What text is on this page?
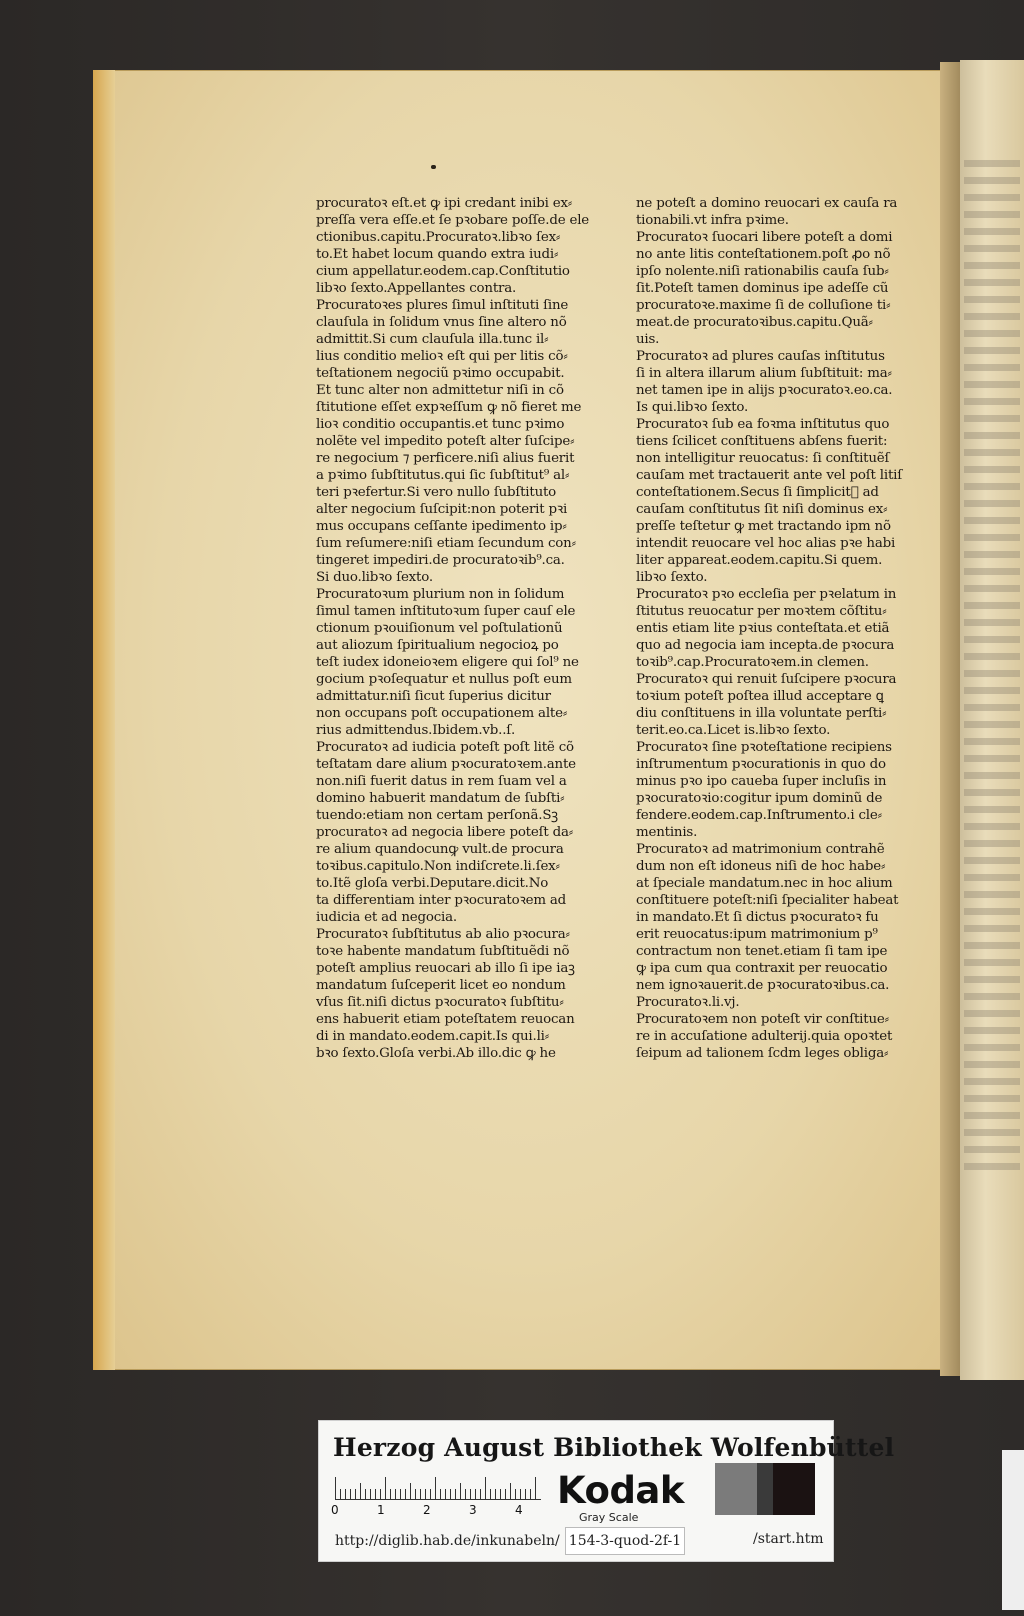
procuratoꝛ eſt.et ꝙ ipi credant inibi ex⸗
preſſa vera eſſe.et ſe pꝛobare poſſe.de ele
ctionibus.capitu.Procuratoꝛ.libꝛo ſex⸗
to.Et habet locum quando extra iudi⸗
cium appellatur.eodem.cap.Conſtitutio
libꝛo ſexto.Appellantes contra.
Procuratoꝛes plures ſimul inſtituti ſine
clauſula in ſolidum vnus ſine altero nõ
admittit.Si cum clauſula illa.tunc il⸗
lius conditio melioꝛ eſt qui per litis cõ⸗
teſtationem negociũ pꝛimo occupabit.
Et tunc alter non admittetur niſi in cõ
ſtitutione eſſet expꝛeſſum ꝙ nõ fieret me
lioꝛ conditio occupantis.et tunc pꝛimo
nolẽte vel impedito poteſt alter ſuſcipe⸗
re negocium ⁊ perficere.niſi alius fuerit
a pꝛimo ſubſtitutus.qui ſic ſubſtitut⁹ al⸗
teri pꝛefertur.Si vero nullo ſubſtituto
alter negocium ſuſcipit:non poterit pꝛi
mus occupans ceſſante ipedimento ip⸗
ſum reſumere:niſi etiam ſecundum con⸗
tingeret impediri.de procuratoꝛib⁹.ca.
Si duo.libꝛo ſexto.
Procuratoꝛum plurium non in ſolidum
ſimul tamen inſtitutoꝛum ſuper cauſ ele
ctionum pꝛouiſionum vel poſtulationũ
aut aliozum ſpiritualium negocioꝝ po
teſt iudex idoneioꝛem eligere qui ſol⁹ ne
gocium pꝛoſequatur et nullus poſt eum
admittatur.niſi ſicut ſuperius dicitur
non occupans poſt occupationem alte⸗
rius admittendus.Ibidem.vb..ſ.
Procuratoꝛ ad iudicia poteſt poſt litẽ cõ
teſtatam dare alium pꝛocuratoꝛem.ante
non.niſi fuerit datus in rem ſuam vel a
domino habuerit mandatum de ſubſti⸗
tuendo:etiam non certam perſonã.Sꝫ
procuratoꝛ ad negocia libere poteſt da⸗
re alium quandocunꝙ vult.de procura
toꝛibus.capitulo.Non indiſcrete.li.ſex⸗
to.Itẽ gloſa verbi.Deputare.dicit.No
ta differentiam inter pꝛocuratoꝛem ad
iudicia et ad negocia.
Procuratoꝛ ſubſtitutus ab alio pꝛocura⸗
toꝛe habente mandatum ſubſtituẽdi nõ
poteſt amplius reuocari ab illo ſi ipe iaꝫ
mandatum ſuſceperit licet eo nondum
vſus ſit.niſi dictus pꝛocuratoꝛ ſubſtitu⸗
ens habuerit etiam poteſtatem reuocan
di in mandato.eodem.capit.Is qui.li⸗
bꝛo ſexto.Gloſa verbi.Ab illo.dic ꝙ he
ne poteſt a domino reuocari ex cauſa ra
tionabili.vt infra pꝛime.
Procuratoꝛ ſuocari libere poteſt a domi
no ante litis conteſtationem.poſt ꝓo nõ
ipſo nolente.niſi rationabilis cauſa ſub⸗
ſit.Poteſt tamen dominus ipe adeſſe cũ
procuratoꝛe.maxime ſi de colluſione ti⸗
meat.de procuratoꝛibus.capitu.Quã⸗
uis.
Procuratoꝛ ad plures cauſas inſtitutus
ſi in altera illarum alium ſubſtituit: ma⸗
net tamen ipe in alijs pꝛocuratoꝛ.eo.ca.
Is qui.libꝛo ſexto.
Procuratoꝛ ſub ea foꝛma inſtitutus quo
tiens ſcilicet conſtituens abſens fuerit:
non intelligitur reuocatus: ſi conſtituẽſ
cauſam met tractauerit ante vel poſt litiſ
conteſtationem.Secus ſi ſimplicit᷑ ad
cauſam conſtitutus ſit niſi dominus ex⸗
preſſe teſtetur ꝙ met tractando ipm nõ
intendit reuocare vel hoc alias pꝛe habi
liter appareat.eodem.capitu.Si quem.
libꝛo ſexto.
Procuratoꝛ pꝛo eccleſia per pꝛelatum in
ſtitutus reuocatur per moꝛtem cõſtitu⸗
entis etiam lite pꝛius conteſtata.et etiã
quo ad negocia iam incepta.de pꝛocura
toꝛib⁹.cap.Procuratoꝛem.in clemen.
Procuratoꝛ qui renuit ſuſcipere pꝛocura
toꝛium poteſt poſtea illud acceptare ꝗ
diu conſtituens in illa voluntate perſti⸗
terit.eo.ca.Licet is.libꝛo ſexto.
Procuratoꝛ ſine pꝛoteſtatione recipiens
inſtrumentum pꝛocurationis in quo do
minus pꝛo ipo caueba ſuper incluſis in
pꝛocuratoꝛio:cogitur ipum dominũ de
fendere.eodem.cap.Inſtrumento.i cle⸗
mentinis.
Procuratoꝛ ad matrimonium contrahẽ
dum non eſt idoneus niſi de hoc habe⸗
at ſpeciale mandatum.nec in hoc alium
conſtituere poteſt:niſi ſpecialiter habeat
in mandato.Et ſi dictus pꝛocuratoꝛ fu
erit reuocatus:ipum matrimonium p⁹
contractum non tenet.etiam ſi tam ipe
ꝙ ipa cum qua contraxit per reuocatio
nem ignoꝛauerit.de pꝛocuratoꝛibus.ca.
Procuratoꝛ.li.vj.
Procuratoꝛem non poteſt vir conſtitue⸗
re in accuſatione adulterij.quia opoꝛtet
ſeipum ad talionem ſcdm leges obliga⸗
Herzog August Bibliothek Wolfenbüttel
0	1	2	3	4 Kodak
Gray Scale
http://diglib.hab.de/inkunabeln/ 154-3-quod-2f-1	/start.htm
